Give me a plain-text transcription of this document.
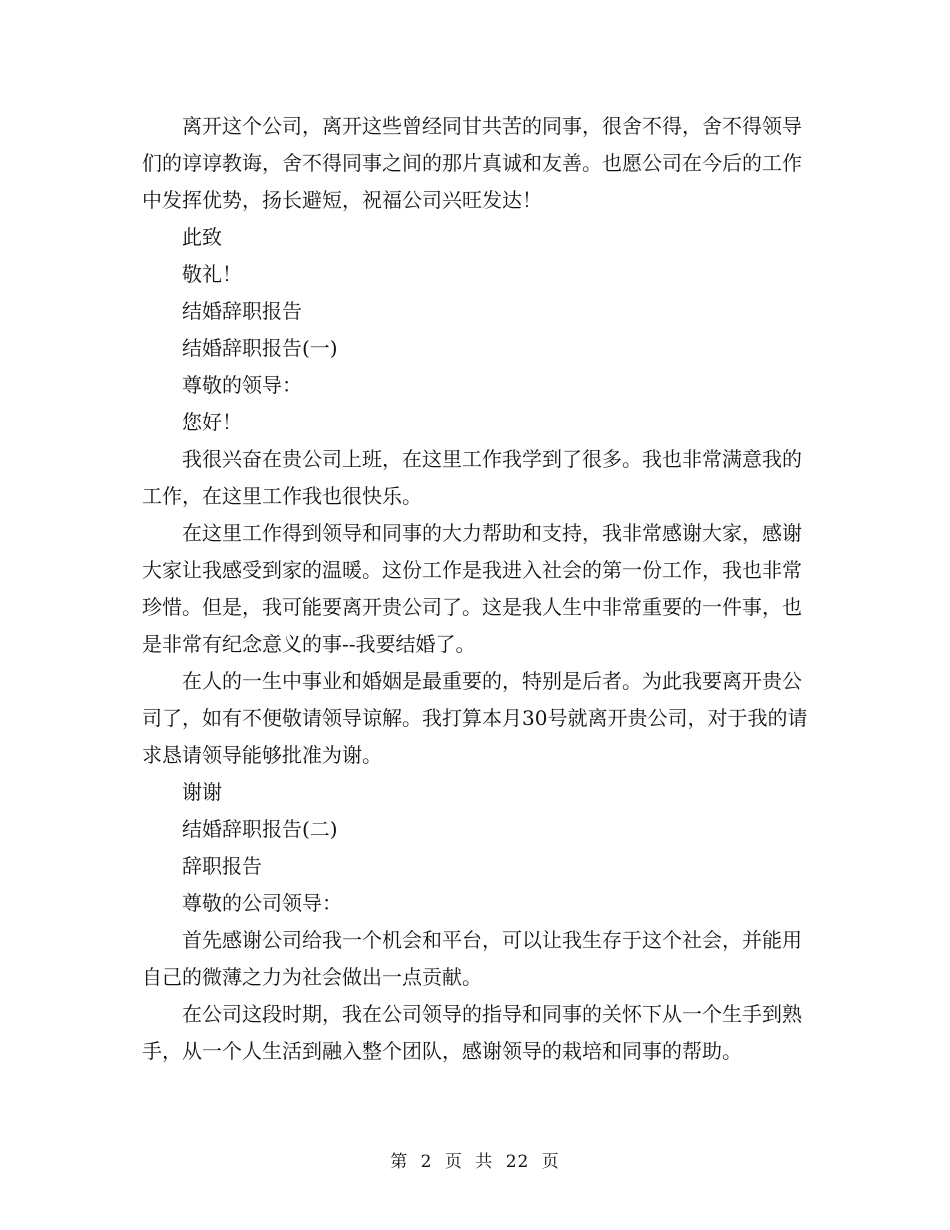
离开这个公司，离开这些曾经同甘共苦的同事，很舍不得，舍不得领导们的谆谆教诲，舍不得同事之间的那片真诚和友善。也愿公司在今后的工作中发挥优势，扬长避短，祝福公司兴旺发达！

此致

敬礼！

结婚辞职报告

结婚辞职报告(一)

尊敬的领导：

您好！

我很兴奋在贵公司上班，在这里工作我学到了很多。我也非常满意我的工作，在这里工作我也很快乐。

在这里工作得到领导和同事的大力帮助和支持，我非常感谢大家，感谢大家让我感受到家的温暖。这份工作是我进入社会的第一份工作，我也非常珍惜。但是，我可能要离开贵公司了。这是我人生中非常重要的一件事，也是非常有纪念意义的事--我要结婚了。

在人的一生中事业和婚姻是最重要的，特别是后者。为此我要离开贵公司了，如有不便敬请领导谅解。我打算本月30号就离开贵公司，对于我的请求恳请领导能够批准为谢。

谢谢

结婚辞职报告(二)

辞职报告

尊敬的公司领导：

首先感谢公司给我一个机会和平台，可以让我生存于这个社会，并能用自己的微薄之力为社会做出一点贡献。

在公司这段时期，我在公司领导的指导和同事的关怀下从一个生手到熟手，从一个人生活到融入整个团队，感谢领导的栽培和同事的帮助。

第 2 页 共 22 页
